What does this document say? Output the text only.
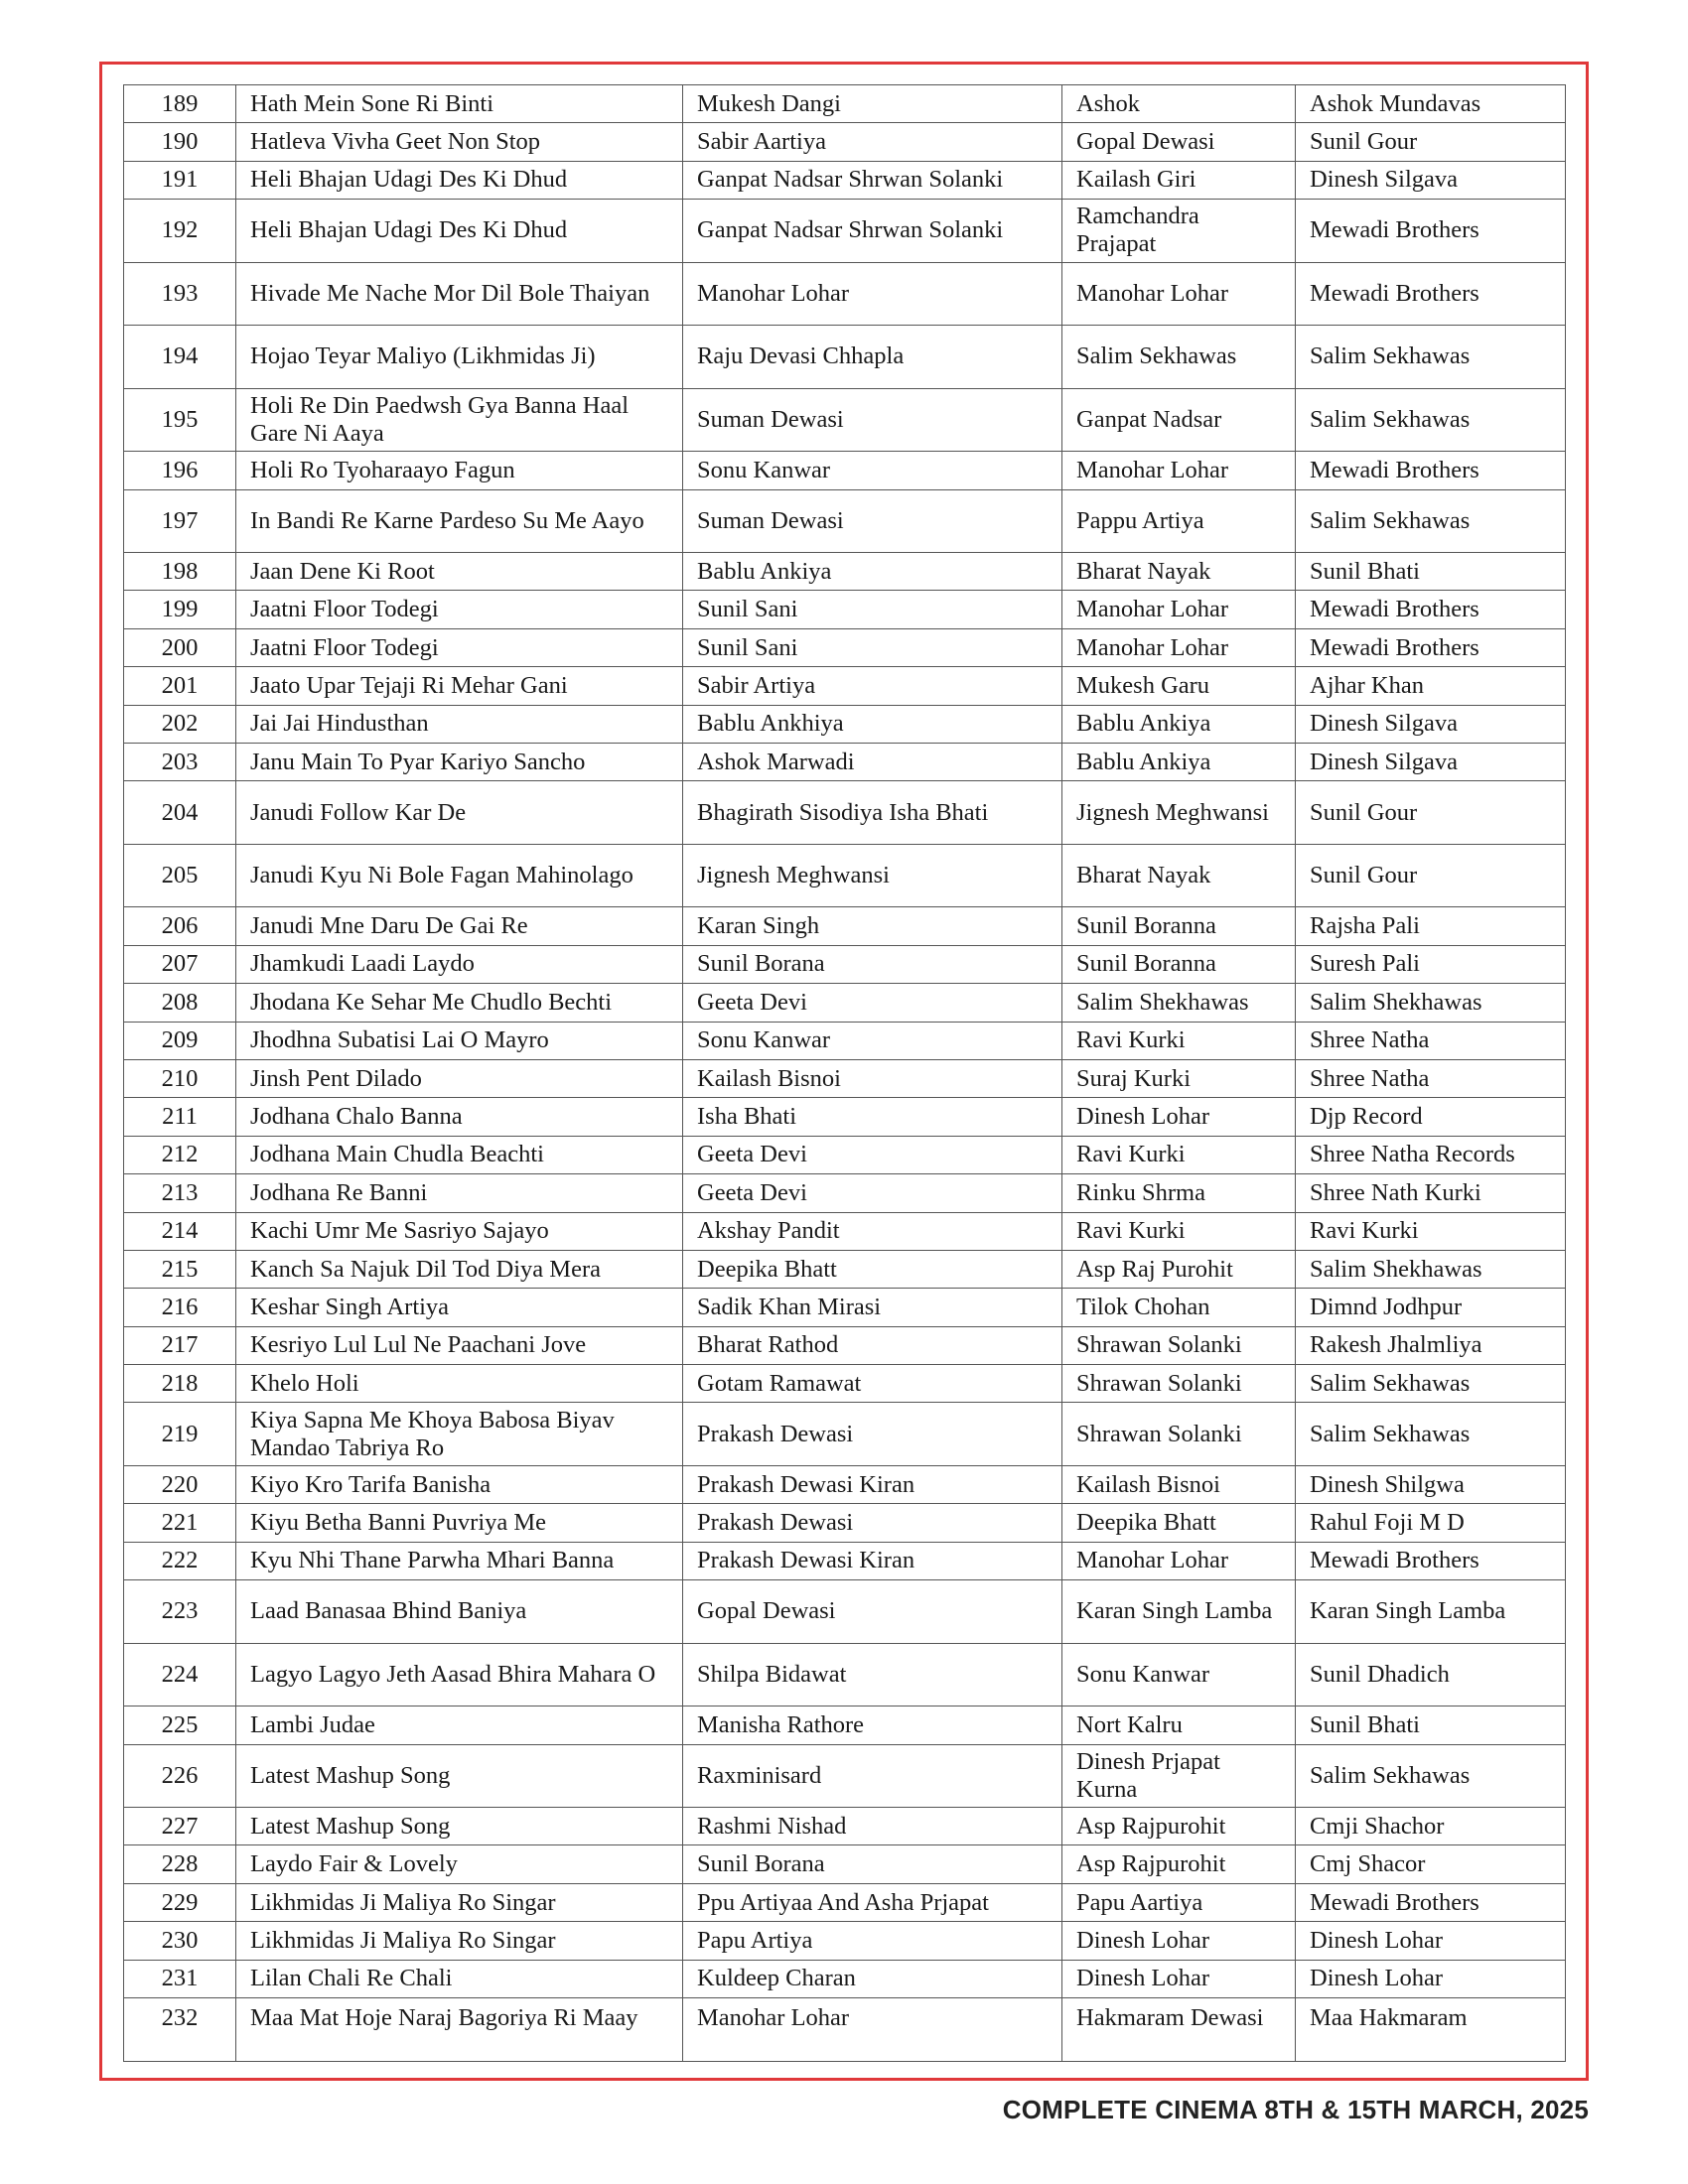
189	Hath Mein Sone Ri Binti	Mukesh Dangi	Ashok	Ashok Mundavas
190	Hatleva Vivha Geet Non Stop	Sabir Aartiya	Gopal Dewasi	Sunil Gour
191	Heli Bhajan Udagi Des Ki Dhud	Ganpat Nadsar Shrwan Solanki	Kailash Giri	Dinesh Silgava
192	Heli Bhajan Udagi Des Ki Dhud	Ganpat Nadsar Shrwan Solanki	Ramchandra Prajapat	Mewadi Brothers
193	Hivade Me Nache Mor Dil Bole Thaiyan	Manohar Lohar	Manohar Lohar	Mewadi Brothers
194	Hojao Teyar Maliyo (Likhmidas Ji)	Raju Devasi Chhapla	Salim Sekhawas	Salim Sekhawas
195	Holi Re Din Paedwsh Gya Banna Haal Gare Ni Aaya	Suman Dewasi	Ganpat Nadsar	Salim Sekhawas
196	Holi Ro Tyoharaayo Fagun	Sonu Kanwar	Manohar Lohar	Mewadi Brothers
197	In Bandi Re Karne Pardeso Su Me Aayo	Suman Dewasi	Pappu Artiya	Salim Sekhawas
198	Jaan Dene Ki Root	Bablu Ankiya	Bharat Nayak	Sunil Bhati
199	Jaatni Floor Todegi	Sunil Sani	Manohar Lohar	Mewadi Brothers
200	Jaatni Floor Todegi	Sunil Sani	Manohar Lohar	Mewadi Brothers
201	Jaato Upar Tejaji Ri Mehar Gani	Sabir Artiya	Mukesh Garu	Ajhar Khan
202	Jai Jai Hindusthan	Bablu Ankhiya	Bablu Ankiya	Dinesh Silgava
203	Janu Main To Pyar Kariyo Sancho	Ashok Marwadi	Bablu Ankiya	Dinesh Silgava
204	Janudi Follow Kar De	Bhagirath Sisodiya Isha Bhati	Jignesh Meghwansi	Sunil Gour
205	Janudi Kyu Ni Bole Fagan Mahinolago	Jignesh Meghwansi	Bharat Nayak	Sunil Gour
206	Janudi Mne Daru De Gai Re	Karan Singh	Sunil Boranna	Rajsha Pali
207	Jhamkudi Laadi Laydo	Sunil Borana	Sunil Boranna	Suresh Pali
208	Jhodana Ke Sehar Me Chudlo Bechti	Geeta Devi	Salim Shekhawas	Salim Shekhawas
209	Jhodhna Subatisi Lai O Mayro	Sonu Kanwar	Ravi Kurki	Shree Natha
210	Jinsh Pent Dilado	Kailash Bisnoi	Suraj Kurki	Shree Natha
211	Jodhana Chalo Banna	Isha Bhati	Dinesh Lohar	Djp Record
212	Jodhana Main Chudla Beachti	Geeta Devi	Ravi Kurki	Shree Natha Records
213	Jodhana Re Banni	Geeta Devi	Rinku Shrma	Shree Nath Kurki
214	Kachi Umr Me Sasriyo Sajayo	Akshay Pandit	Ravi Kurki	Ravi Kurki
215	Kanch Sa Najuk Dil Tod Diya Mera	Deepika Bhatt	Asp Raj Purohit	Salim Shekhawas
216	Keshar Singh Artiya	Sadik Khan Mirasi	Tilok Chohan	Dimnd Jodhpur
217	Kesriyo Lul Lul Ne Paachani Jove	Bharat Rathod	Shrawan Solanki	Rakesh Jhalmliya
218	Khelo Holi	Gotam Ramawat	Shrawan Solanki	Salim Sekhawas
219	Kiya Sapna Me Khoya Babosa Biyav Mandao Tabriya Ro	Prakash Dewasi	Shrawan Solanki	Salim Sekhawas
220	Kiyo Kro Tarifa Banisha	Prakash Dewasi Kiran	Kailash Bisnoi	Dinesh Shilgwa
221	Kiyu Betha Banni Puvriya Me	Prakash Dewasi	Deepika Bhatt	Rahul Foji M D
222	Kyu Nhi Thane Parwha Mhari Banna	Prakash Dewasi Kiran	Manohar Lohar	Mewadi Brothers
223	Laad Banasaa Bhind Baniya	Gopal Dewasi	Karan Singh Lamba	Karan Singh Lamba
224	Lagyo Lagyo Jeth Aasad Bhira Mahara O	Shilpa Bidawat	Sonu Kanwar	Sunil Dhadich
225	Lambi Judae	Manisha Rathore	Nort Kalru	Sunil Bhati
226	Latest Mashup Song	Raxminisard	Dinesh Prjapat Kurna	Salim Sekhawas
227	Latest Mashup Song	Rashmi Nishad	Asp Rajpurohit	Cmji Shachor
228	Laydo Fair & Lovely	Sunil Borana	Asp Rajpurohit	Cmj Shacor
229	Likhmidas Ji Maliya Ro Singar	Ppu Artiyaa And Asha Prjapat	Papu Aartiya	Mewadi Brothers
230	Likhmidas Ji Maliya Ro Singar	Papu Artiya	Dinesh Lohar	Dinesh Lohar
231	Lilan Chali Re Chali	Kuldeep Charan	Dinesh Lohar	Dinesh Lohar
232	Maa Mat Hoje Naraj Bagoriya Ri Maay	Manohar Lohar	Hakmaram Dewasi	Maa Hakmaram
COMPLETE CINEMA 8TH & 15TH MARCH, 2025
